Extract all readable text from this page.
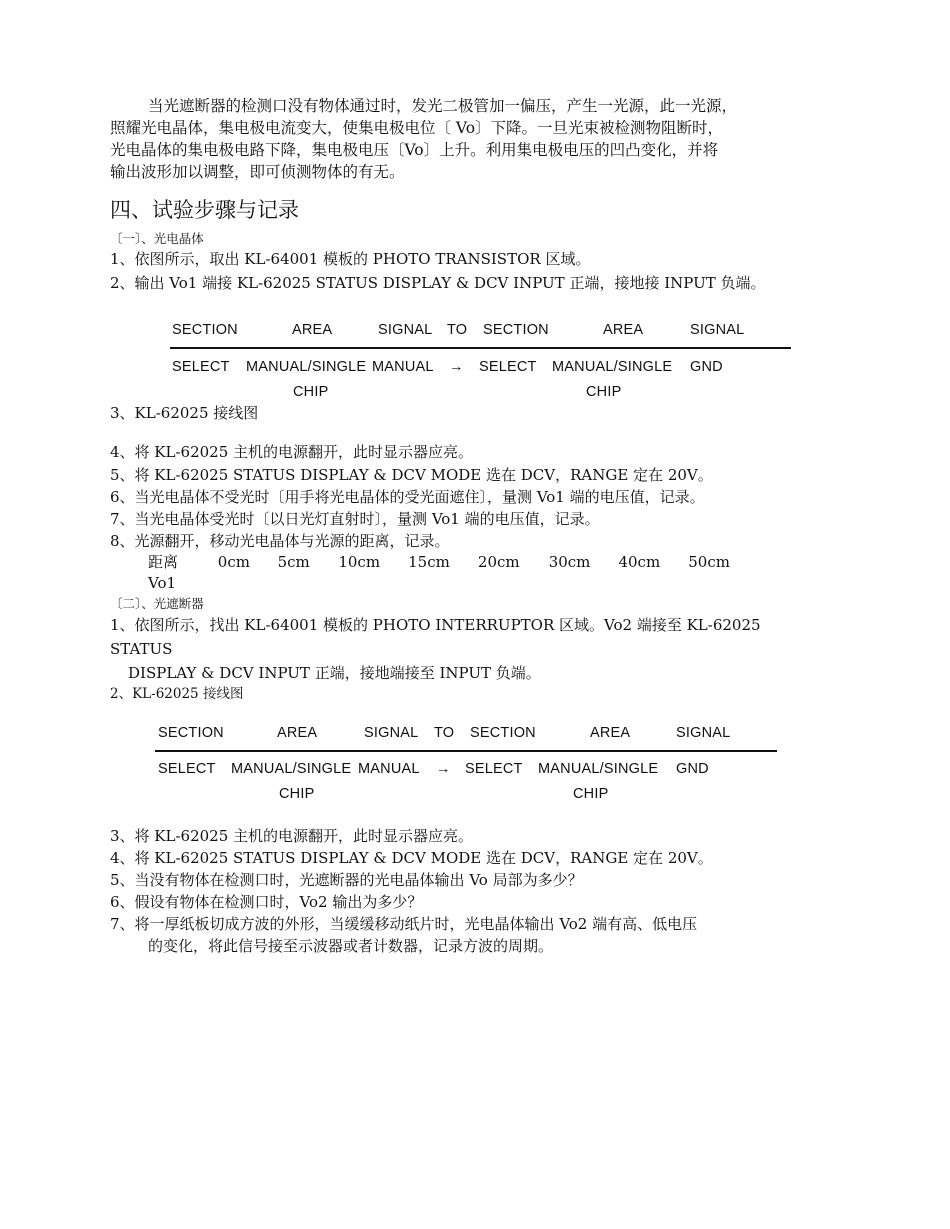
当光遮断器的检测口没有物体通过时，发光二极管加一偏压，产生一光源，此一光源，
照耀光电晶体，集电极电流变大，使集电极电位〔 Vo〕下降。一旦光束被检测物阻断时，
光电晶体的集电极电路下降，集电极电压〔Vo〕上升。利用集电极电压的凹凸变化，并将
输出波形加以调整，即可侦测物体的有无。
四、试验步骤与记录
〔一〕、光电晶体
1、依图所示，取出 KL-64001 模板的 PHOTO TRANSISTOR 区域。
2、输出 Vo1 端接 KL-62025 STATUS DISPLAY & DCV INPUT 正端，接地接 INPUT 负端。
SECTION	AREA	SIGNAL TO SECTION	AREA	SIGNAL
SELECT MANUAL/SINGLE MANUAL → SELECT MANUAL/SINGLE GND
CHIP	CHIP
3、KL-62025 接线图
4、将 KL-62025 主机的电源翻开，此时显示器应亮。
5、将 KL-62025 STATUS DISPLAY & DCV MODE 选在 DCV，RANGE 定在 20V。
6、当光电晶体不受光时〔用手将光电晶体的受光面遮住〕，量测 Vo1 端的电压值，记录。
7、当光电晶体受光时〔以日光灯直射时〕，量测 Vo1 端的电压值，记录。
8、光源翻开，移动光电晶体与光源的距离，记录。
距离	0cm 5cm 10cm 15cm 20cm 30cm 40cm 50cm
Vo1
〔二〕、光遮断器
1、依图所示，找出 KL-64001 模板的 PHOTO INTERRUPTOR 区域。Vo2 端接至 KL-62025
STATUS
DISPLAY & DCV INPUT 正端，接地端接至 INPUT 负端。
2、KL-62025 接线图
SECTION	AREA	SIGNAL TO SECTION	AREA	SIGNAL
SELECT MANUAL/SINGLE MANUAL → SELECT MANUAL/SINGLE GND
CHIP	CHIP
3、将 KL-62025 主机的电源翻开，此时显示器应亮。
4、将 KL-62025 STATUS DISPLAY & DCV MODE 选在 DCV，RANGE 定在 20V。
5、当没有物体在检测口时，光遮断器的光电晶体输出 Vo 局部为多少？
6、假设有物体在检测口时，Vo2 输出为多少？
7、将一厚纸板切成方波的外形，当缓缓移动纸片时，光电晶体输出 Vo2 端有高、低电压
的变化，将此信号接至示波器或者计数器，记录方波的周期。
